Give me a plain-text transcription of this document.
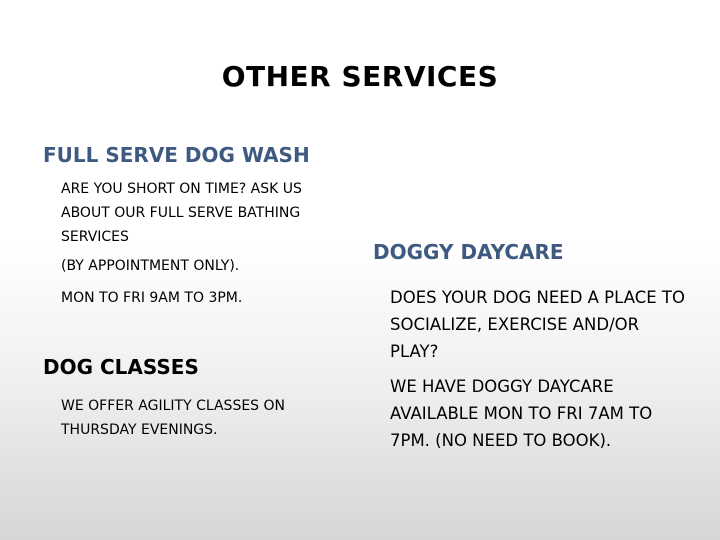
OTHER SERVICES
FULL SERVE DOG WASH

ARE YOU SHORT ON TIME? ASK US ABOUT OUR FULL SERVE BATHING SERVICES

(BY APPOINTMENT ONLY).

MON TO FRI 9AM TO 3PM.

DOG CLASSES

WE OFFER AGILITY CLASSES ON THURSDAY EVENINGS.

DOGGY DAYCARE

DOES YOUR DOG NEED A PLACE TO SOCIALIZE, EXERCISE AND/OR PLAY?

WE HAVE DOGGY DAYCARE AVAILABLE MON TO FRI 7AM TO 7PM. (NO NEED TO BOOK).
